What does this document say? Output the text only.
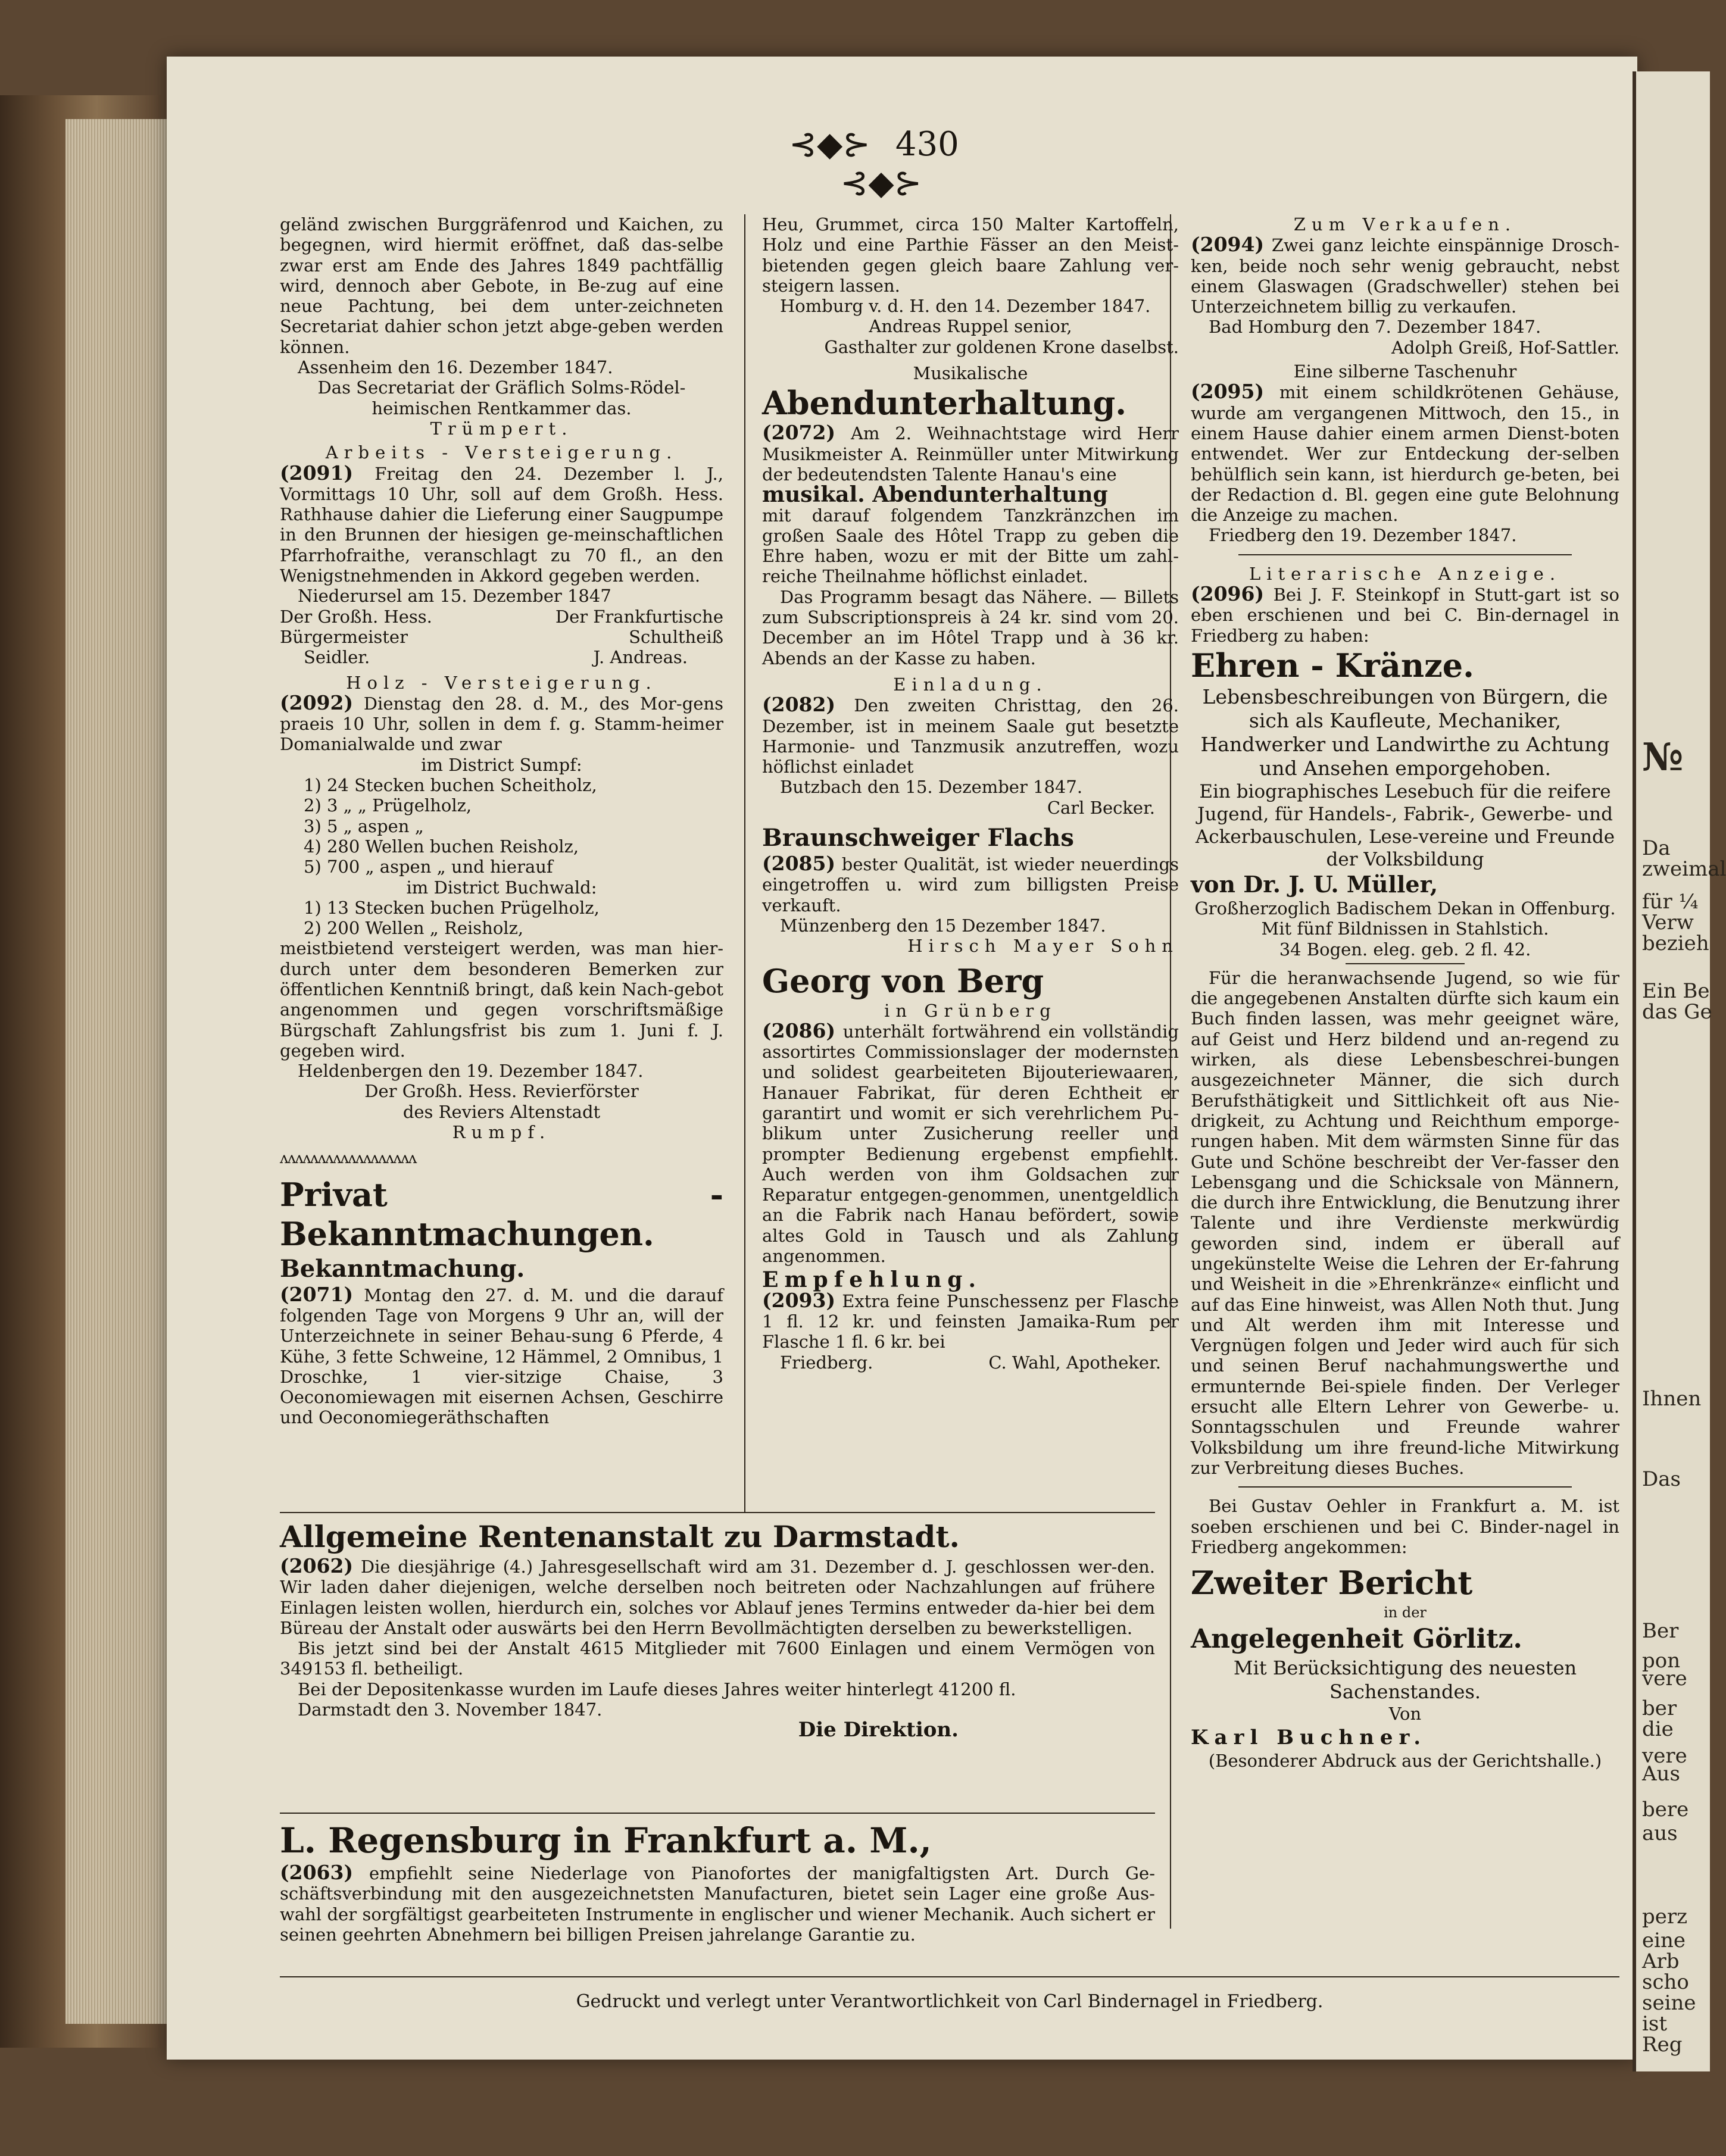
№
Da
zweimal
für ¼
Verw
bezieh
Ein Be
das Ge
Ihnen
Das
Ber
pon
vere
ber
die
vere
Aus
bere
aus
perz
eine
Arb
scho
seine
ist
Reg
⊰◆⊱ 430 ⊰◆⊱

geländ zwischen Burggräfenrod und Kaichen, zu begegnen, wird hiermit eröffnet, daß das-selbe zwar erst am Ende des Jahres 1849 pachtfällig wird, dennoch aber Gebote, in Be-zug auf eine neue Pachtung, bei dem unter-zeichneten Secretariat dahier schon jetzt abge-geben werden können.

Assenheim den 16. Dezember 1847.

Das Secretariat der Gräflich Solms-Rödel-heimischen Rentkammer das.

Trümpert.

Arbeits - Versteigerung.

(2091) Freitag den 24. Dezember l. J., Vormittags 10 Uhr, soll auf dem Großh. Hess. Rathhause dahier die Lieferung einer Saugpumpe in den Brunnen der hiesigen ge-meinschaftlichen Pfarrhofraithe, veranschlagt zu 70 fl., an den Wenigstnehmenden in Akkord gegeben werden.

Niederursel am 15. Dezember 1847

Der Großh. Hess.	Der Frankfurtische
Bürgermeister	Schultheiß
Seidler.	J. Andreas.

Holz - Versteigerung.

(2092) Dienstag den 28. d. M., des Mor-gens praeis 10 Uhr, sollen in dem f. g. Stamm-heimer Domanialwalde und zwar

im District Sumpf:

1) 24 Stecken buchen Scheitholz,
2) 3 „ „ Prügelholz,
3) 5 „ aspen „
4) 280 Wellen buchen Reisholz,
5) 700 „ aspen „ und hierauf

im District Buchwald:

1) 13 Stecken buchen Prügelholz,
2) 200 Wellen „ Reisholz,

meistbietend versteigert werden, was man hier-durch unter dem besonderen Bemerken zur öffentlichen Kenntniß bringt, daß kein Nach-gebot angenommen und gegen vorschriftsmäßige Bürgschaft Zahlungsfrist bis zum 1. Juni f. J. gegeben wird.

Heldenbergen den 19. Dezember 1847.

Der Großh. Hess. Revierförster

des Reviers Altenstadt

Rumpf.

ʌʌʌʌʌʌʌʌʌʌʌʌʌʌʌʌʌʌ

Privat - Bekanntmachungen.

Bekanntmachung.

(2071) Montag den 27. d. M. und die darauf folgenden Tage von Morgens 9 Uhr an, will der Unterzeichnete in seiner Behau-sung 6 Pferde, 4 Kühe, 3 fette Schweine, 12 Hämmel, 2 Omnibus, 1 Droschke, 1 vier-sitzige Chaise, 3 Oeconomiewagen mit eisernen Achsen, Geschirre und Oeconomiegeräthschaften

Heu, Grummet, circa 150 Malter Kartoffeln, Holz und eine Parthie Fässer an den Meist-bietenden gegen gleich baare Zahlung ver-steigern lassen.

Homburg v. d. H. den 14. Dezember 1847.

Andreas Ruppel senior,

Gasthalter zur goldenen Krone daselbst.

Musikalische

Abendunterhaltung.

(2072) Am 2. Weihnachtstage wird Herr Musikmeister A. Reinmüller unter Mitwirkung der bedeutendsten Talente Hanau's eine

musikal. Abendunterhaltung

mit darauf folgendem Tanzkränzchen im großen Saale des Hôtel Trapp zu geben die Ehre haben, wozu er mit der Bitte um zahl-reiche Theilnahme höflichst einladet.

Das Programm besagt das Nähere. — Billets zum Subscriptionspreis à 24 kr. sind vom 20. December an im Hôtel Trapp und à 36 kr. Abends an der Kasse zu haben.

Einladung.

(2082) Den zweiten Christtag, den 26. Dezember, ist in meinem Saale gut besetzte Harmonie- und Tanzmusik anzutreffen, wozu höflichst einladet

Butzbach den 15. Dezember 1847.

Carl Becker.

Braunschweiger Flachs

(2085) bester Qualität, ist wieder neuerdings eingetroffen u. wird zum billigsten Preise verkauft.

Münzenberg den 15 Dezember 1847.

Hirsch Mayer Sohn

Georg von Berg

in Grünberg

(2086) unterhält fortwährend ein vollständig assortirtes Commissionslager der modernsten und solidest gearbeiteten Bijouteriewaaren, Hanauer Fabrikat, für deren Echtheit er garantirt und womit er sich verehrlichem Pu-blikum unter Zusicherung reeller und prompter Bedienung ergebenst empfiehlt. Auch werden von ihm Goldsachen zur Reparatur entgegen-genommen, unentgeldlich an die Fabrik nach Hanau befördert, sowie altes Gold in Tausch und als Zahlung angenommen.

Empfehlung.

(2093) Extra feine Punschessenz per Flasche 1 fl. 12 kr. und feinsten Jamaika-Rum per Flasche 1 fl. 6 kr. bei

Friedberg.	C. Wahl, Apotheker.

Zum Verkaufen.

(2094) Zwei ganz leichte einspännige Drosch-ken, beide noch sehr wenig gebraucht, nebst einem Glaswagen (Gradschweller) stehen bei Unterzeichnetem billig zu verkaufen.

Bad Homburg den 7. Dezember 1847.

Adolph Greiß, Hof-Sattler.

Eine silberne Taschenuhr

(2095) mit einem schildkrötenen Gehäuse, wurde am vergangenen Mittwoch, den 15., in einem Hause dahier einem armen Dienst-boten entwendet. Wer zur Entdeckung der-selben behülflich sein kann, ist hierdurch ge-beten, bei der Redaction d. Bl. gegen eine gute Belohnung die Anzeige zu machen.

Friedberg den 19. Dezember 1847.

Literarische Anzeige.

(2096) Bei J. F. Steinkopf in Stutt-gart ist so eben erschienen und bei C. Bin-dernagel in Friedberg zu haben:

Ehren - Kränze.

Lebensbeschreibungen von Bürgern, die sich als Kaufleute, Mechaniker, Handwerker und Landwirthe zu Achtung und Ansehen emporgehoben.

Ein biographisches Lesebuch für die reifere Jugend, für Handels-, Fabrik-, Gewerbe- und Ackerbauschulen, Lese-vereine und Freunde der Volksbildung

von Dr. J. U. Müller,

Großherzoglich Badischem Dekan in Offenburg.

Mit fünf Bildnissen in Stahlstich.

34 Bogen. eleg. geb. 2 fl. 42.

Für die heranwachsende Jugend, so wie für die angegebenen Anstalten dürfte sich kaum ein Buch finden lassen, was mehr geeignet wäre, auf Geist und Herz bildend und an-regend zu wirken, als diese Lebensbeschrei-bungen ausgezeichneter Männer, die sich durch Berufsthätigkeit und Sittlichkeit oft aus Nie-drigkeit, zu Achtung und Reichthum emporge-rungen haben. Mit dem wärmsten Sinne für das Gute und Schöne beschreibt der Ver-fasser den Lebensgang und die Schicksale von Männern, die durch ihre Entwicklung, die Benutzung ihrer Talente und ihre Verdienste merkwürdig geworden sind, indem er überall auf ungekünstelte Weise die Lehren der Er-fahrung und Weisheit in die »Ehrenkränze« einflicht und auf das Eine hinweist, was Allen Noth thut. Jung und Alt werden ihm mit Interesse und Vergnügen folgen und Jeder wird auch für sich und seinen Beruf nachahmungswerthe und ermunternde Bei-spiele finden. Der Verleger ersucht alle Eltern Lehrer von Gewerbe- u. Sonntagsschulen und Freunde wahrer Volksbildung um ihre freund-liche Mitwirkung zur Verbreitung dieses Buches.

Bei Gustav Oehler in Frankfurt a. M. ist soeben erschienen und bei C. Binder-nagel in Friedberg angekommen:

Zweiter Bericht

in der

Angelegenheit Görlitz.

Mit Berücksichtigung des neuesten Sachenstandes.

Von

Karl Buchner.

(Besonderer Abdruck aus der Gerichtshalle.)

Allgemeine Rentenanstalt zu Darmstadt.

(2062) Die diesjährige (4.) Jahresgesellschaft wird am 31. Dezember d. J. geschlossen wer-den. Wir laden daher diejenigen, welche derselben noch beitreten oder Nachzahlungen auf frühere Einlagen leisten wollen, hierdurch ein, solches vor Ablauf jenes Termins entweder da-hier bei dem Büreau der Anstalt oder auswärts bei den Herrn Bevollmächtigten derselben zu bewerkstelligen.

Bis jetzt sind bei der Anstalt 4615 Mitglieder mit 7600 Einlagen und einem Vermögen von 349153 fl. betheiligt.

Bei der Depositenkasse wurden im Laufe dieses Jahres weiter hinterlegt 41200 fl.

Darmstadt den 3. November 1847.

Die Direktion.

L. Regensburg in Frankfurt a. M.,

(2063) empfiehlt seine Niederlage von Pianofortes der manigfaltigsten Art. Durch Ge-schäftsverbindung mit den ausgezeichnetsten Manufacturen, bietet sein Lager eine große Aus-wahl der sorgfältigst gearbeiteten Instrumente in englischer und wiener Mechanik. Auch sichert er seinen geehrten Abnehmern bei billigen Preisen jahrelange Garantie zu.

Gedruckt und verlegt unter Verantwortlichkeit von Carl Bindernagel in Friedberg.
